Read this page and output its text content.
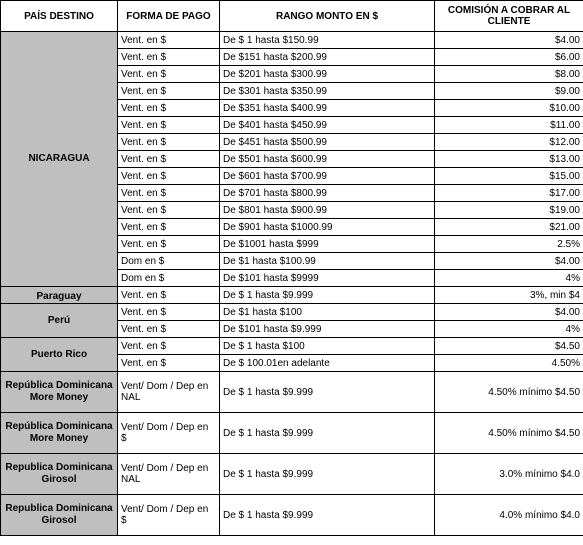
PAÍS DESTINO	FORMA DE PAGO	RANGO MONTO EN $	COMISIÓN A COBRAR AL CLIENTE
NICARAGUA	Vent. en $	De $ 1 hasta $150.99	$4.00
	Vent. en $	De $151 hasta $200.99	$6.00
	Vent. en $	De $201 hasta $300.99	$8.00
	Vent. en $	De $301 hasta $350.99	$9.00
	Vent. en $	De $351 hasta $400.99	$10.00
	Vent. en $	De $401 hasta $450.99	$11.00
	Vent. en $	De $451 hasta $500.99	$12.00
	Vent. en $	De $501 hasta $600.99	$13.00
	Vent. en $	De $601 hasta $700.99	$15.00
	Vent. en $	De $701 hasta $800.99	$17.00
	Vent. en $	De $801 hasta $900.99	$19.00
	Vent. en $	De $901 hasta $1000.99	$21.00
	Vent. en $	De $1001 hasta $999	2.5%
	Dom en $	De $1 hasta $100.99	$4.00
	Dom en $	De $101 hasta $9999	4%
Paraguay	Vent. en $	De $ 1 hasta $9.999	3%, min $4
Perú	Vent. en $	De $1 hasta $100	$4.00
	Vent. en $	De $101 hasta $9.999	4%
Puerto Rico	Vent. en $	De $ 1 hasta $100	$4.50
	Vent. en $	De $ 100.01en adelante	4.50%
República Dominicana More Money	Vent/ Dom / Dep en NAL	De $ 1 hasta $9.999	4.50% mínimo $4.50
República Dominicana More Money	Vent/ Dom / Dep en $	De $ 1 hasta $9.999	4.50% mínimo $4.50
Republica Dominicana Girosol	Vent/ Dom / Dep en NAL	De $ 1 hasta $9.999	3.0% mínimo $4.0
Republica Dominicana Girosol	Vent/ Dom / Dep en $	De $ 1 hasta $9.999	4.0% mínimo $4.0
